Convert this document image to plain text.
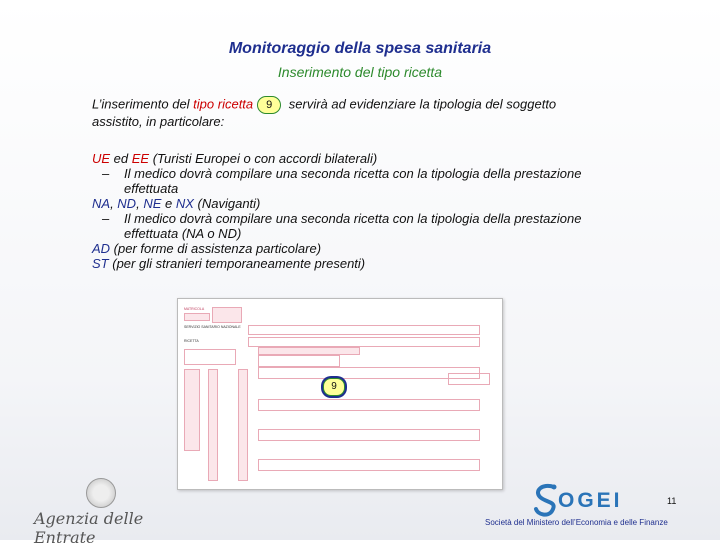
Monitoraggio della spesa sanitaria
Inserimento del tipo ricetta
L’inserimento del tipo ricetta 9 servirà ad evidenziare la tipologia del soggetto
assistito, in particolare:

UE ed EE (Turisti Europei o con accordi bilaterali)

– Il medico dovrà compilare una seconda ricetta con la tipologia della prestazione

effettuata

NA, ND, NE e NX (Naviganti)

– Il medico dovrà compilare una seconda ricetta con la tipologia della prestazione

effettuata (NA o ND)

AD (per forme di assistenza particolare)

ST (per gli stranieri temporaneamente presenti)

MATRICOLA
SERVIZIO SANITARIO NAZIONALE
RICETTA
9
Agenzia delle Entrate
OGEI	11
Società del Ministero dell’Economia e delle Finanze
